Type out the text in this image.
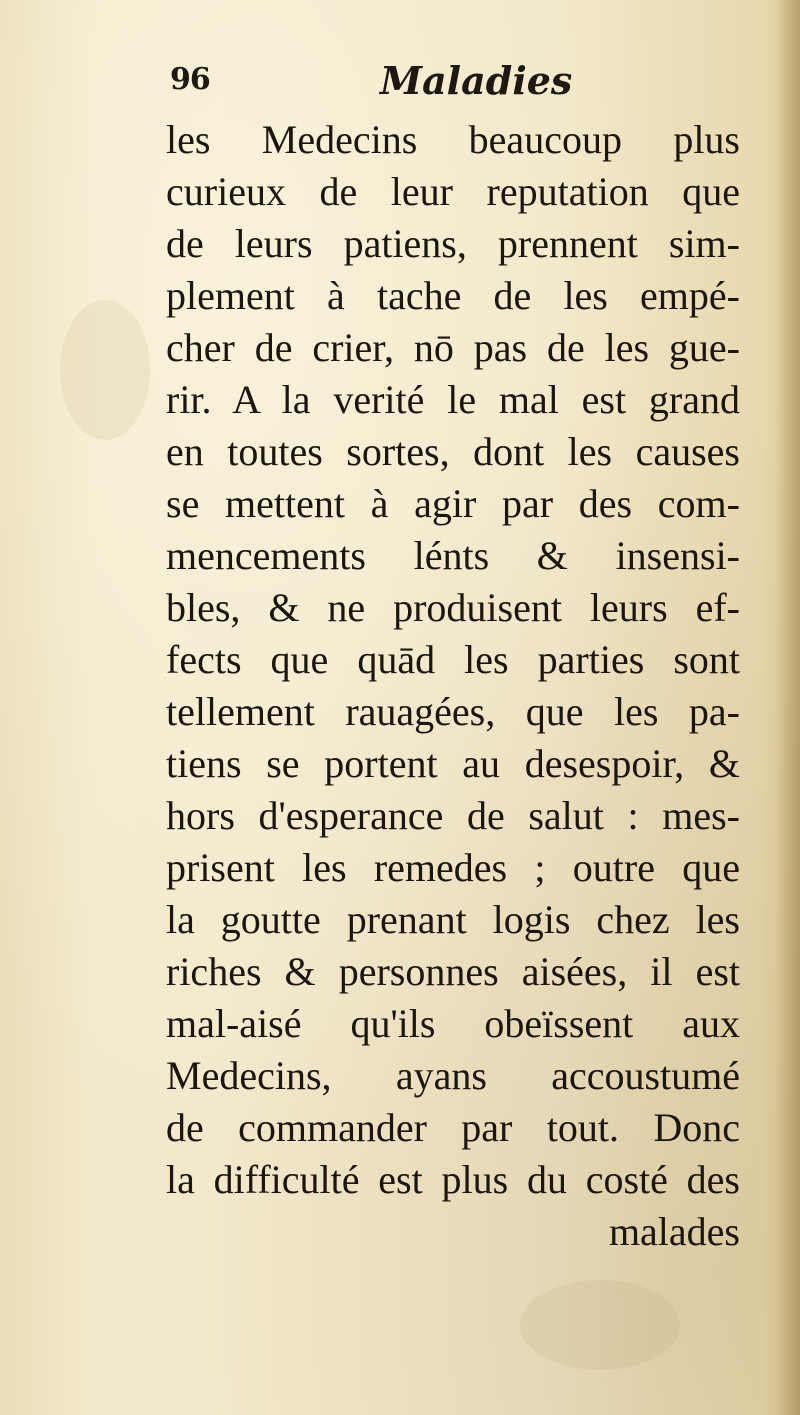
96	Maladies
les Medecins beaucoup plus
curieux de leur reputation que
de leurs patiens, prennent sim-
plement à tache de les empé-
cher de crier, nō pas de les gue-
rir. A la verité le mal est grand
en toutes sortes, dont les causes
se mettent à agir par des com-
mencements lénts & insensi-
bles, & ne produisent leurs ef-
fects que quād les parties sont
tellement rauagées, que les pa-
tiens se portent au desespoir, &
hors d'esperance de salut : mes-
prisent les remedes ; outre que
la goutte prenant logis chez les
riches & personnes aisées, il est
mal-aisé qu'ils obeïssent aux
Medecins, ayans accoustumé
de commander par tout. Donc
la difficulté est plus du costé des
malades
